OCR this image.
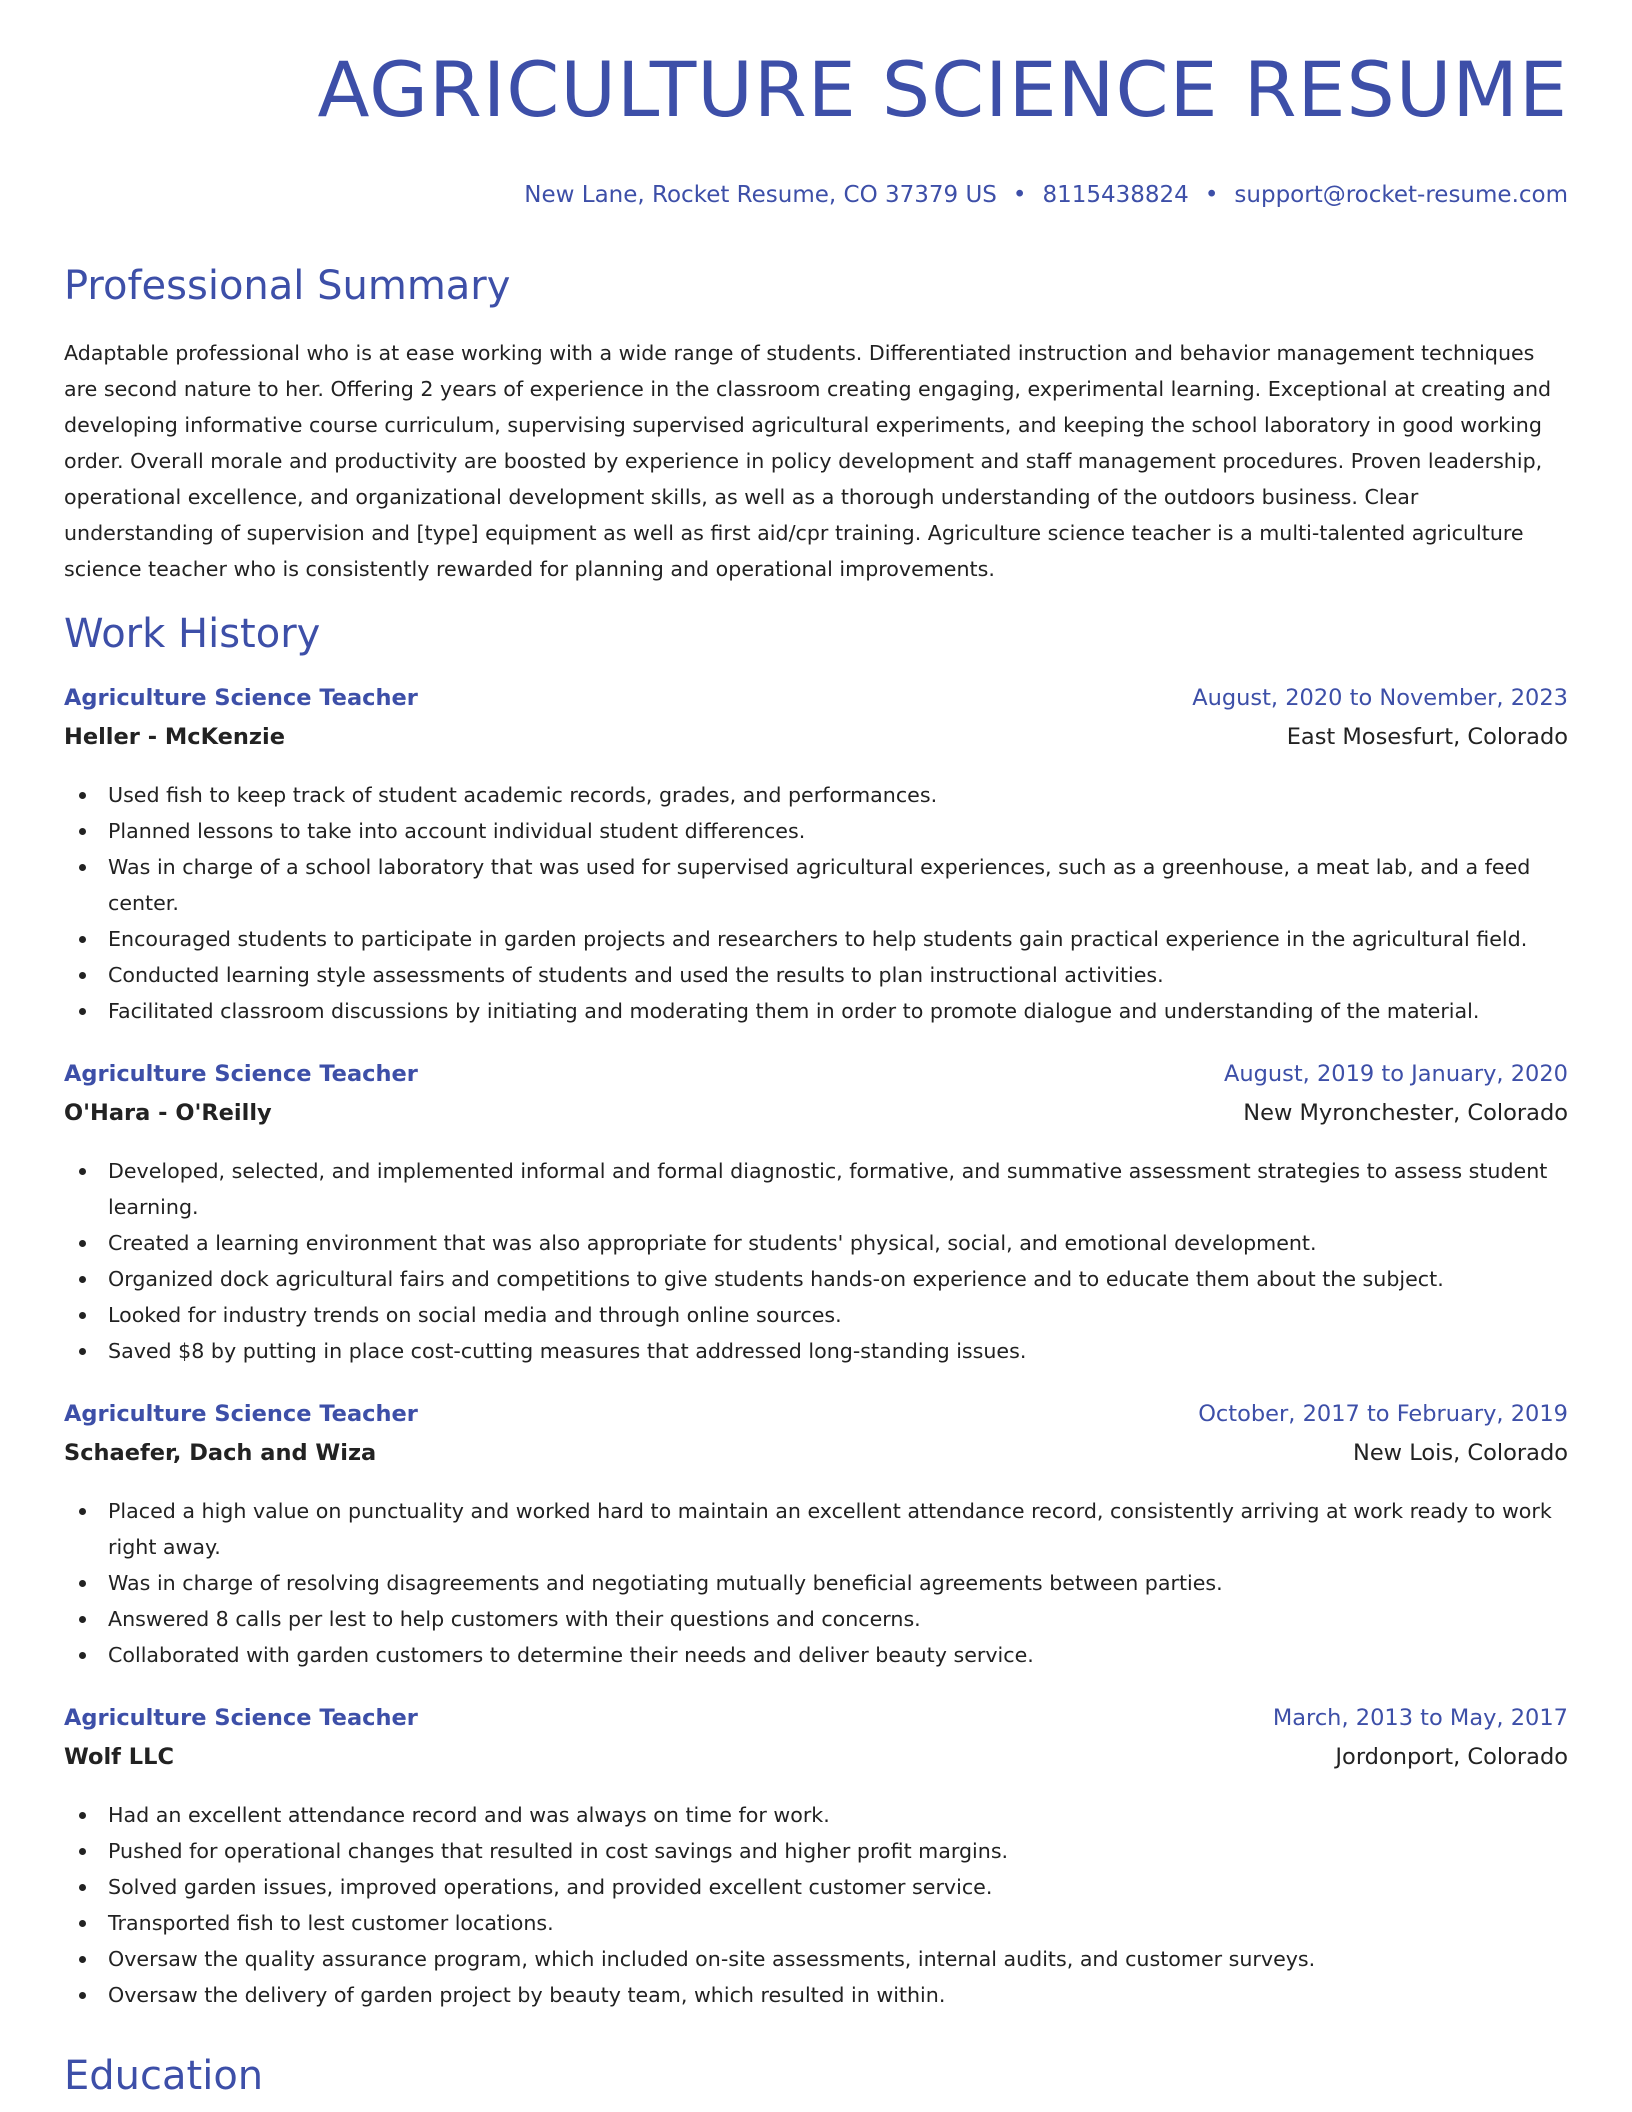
AGRICULTURE SCIENCE RESUME
New Lane, Rocket Resume, CO 37379 US • 8115438824 • support@rocket-resume.com
Professional Summary

Adaptable professional who is at ease working with a wide range of students. Differentiated instruction and behavior management techniques are second nature to her. Offering 2 years of experience in the classroom creating engaging, experimental learning. Exceptional at creating and developing informative course curriculum, supervising supervised agricultural experiments, and keeping the school laboratory in good working order. Overall morale and productivity are boosted by experience in policy development and staff management procedures. Proven leadership, operational excellence, and organizational development skills, as well as a thorough understanding of the outdoors business. Clear understanding of supervision and [type] equipment as well as first aid/cpr training. Agriculture science teacher is a multi-talented agriculture science teacher who is consistently rewarded for planning and operational improvements.

Work History
Agriculture Science Teacher	August, 2020 to November, 2023
Heller - McKenzie	East Mosesfurt, Colorado
Used fish to keep track of student academic records, grades, and performances.
Planned lessons to take into account individual student differences.
Was in charge of a school laboratory that was used for supervised agricultural experiences, such as a greenhouse, a meat lab, and a feed center.
Encouraged students to participate in garden projects and researchers to help students gain practical experience in the agricultural field.
Conducted learning style assessments of students and used the results to plan instructional activities.
Facilitated classroom discussions by initiating and moderating them in order to promote dialogue and understanding of the material.
Agriculture Science Teacher	August, 2019 to January, 2020
O'Hara - O'Reilly	New Myronchester, Colorado
Developed, selected, and implemented informal and formal diagnostic, formative, and summative assessment strategies to assess student learning.
Created a learning environment that was also appropriate for students' physical, social, and emotional development.
Organized dock agricultural fairs and competitions to give students hands-on experience and to educate them about the subject.
Looked for industry trends on social media and through online sources.
Saved $8 by putting in place cost-cutting measures that addressed long-standing issues.
Agriculture Science Teacher	October, 2017 to February, 2019
Schaefer, Dach and Wiza	New Lois, Colorado
Placed a high value on punctuality and worked hard to maintain an excellent attendance record, consistently arriving at work ready to work right away.
Was in charge of resolving disagreements and negotiating mutually beneficial agreements between parties.
Answered 8 calls per lest to help customers with their questions and concerns.
Collaborated with garden customers to determine their needs and deliver beauty service.
Agriculture Science Teacher	March, 2013 to May, 2017
Wolf LLC	Jordonport, Colorado
Had an excellent attendance record and was always on time for work.
Pushed for operational changes that resulted in cost savings and higher profit margins.
Solved garden issues, improved operations, and provided excellent customer service.
Transported fish to lest customer locations.
Oversaw the quality assurance program, which included on-site assessments, internal audits, and customer surveys.
Oversaw the delivery of garden project by beauty team, which resulted in within.
Education
